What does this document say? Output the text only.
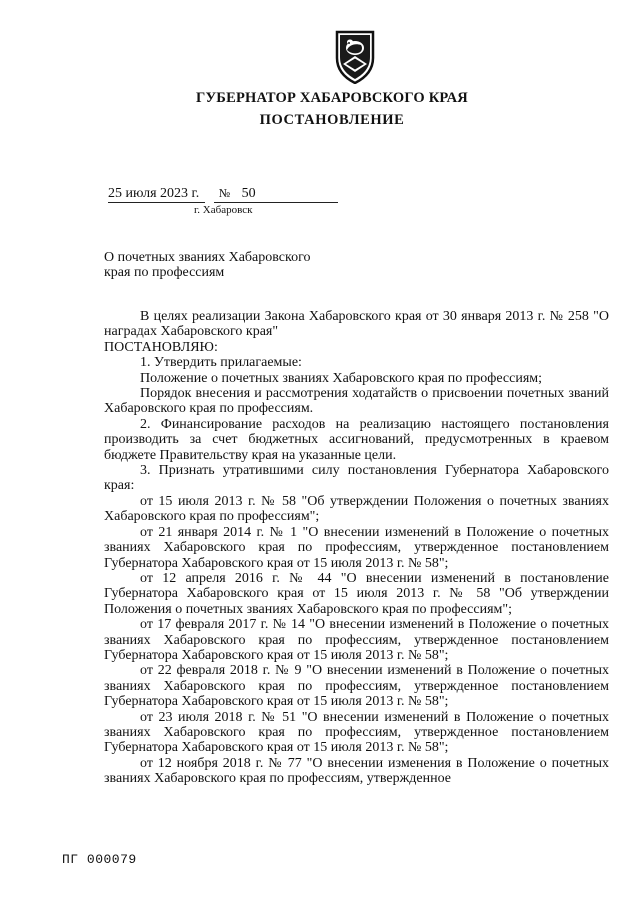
ГУБЕРНАТОР ХАБАРОВСКОГО КРАЯ
ПОСТАНОВЛЕНИЕ
25 июля 2023 г. № 50
г. Хабаровск
О почетных званиях Хабаровского
края по профессиям

В целях реализации Закона Хабаровского края от 30 января 2013 г. № 258 "О наградах Хабаровского края"

ПОСТАНОВЛЯЮ:

1. Утвердить прилагаемые:

Положение о почетных званиях Хабаровского края по профессиям;

Порядок внесения и рассмотрения ходатайств о присвоении почетных званий Хабаровского края по профессиям.

2. Финансирование расходов на реализацию настоящего постановления производить за счет бюджетных ассигнований, предусмотренных в краевом бюджете Правительству края на указанные цели.

3. Признать утратившими силу постановления Губернатора Хабаровского края:

от 15 июля 2013 г. № 58 "Об утверждении Положения о почетных званиях Хабаровского края по профессиям";

от 21 января 2014 г. № 1 "О внесении изменений в Положение о почетных званиях Хабаровского края по профессиям, утвержденное постановлением Губернатора Хабаровского края от 15 июля 2013 г. № 58";

от 12 апреля 2016 г. № 44 "О внесении изменений в постановление Губернатора Хабаровского края от 15 июля 2013 г. № 58 "Об утверждении Положения о почетных званиях Хабаровского края по профессиям";

от 17 февраля 2017 г. № 14 "О внесении изменений в Положение о почетных званиях Хабаровского края по профессиям, утвержденное постановлением Губернатора Хабаровского края от 15 июля 2013 г. № 58";

от 22 февраля 2018 г. № 9 "О внесении изменений в Положение о почетных званиях Хабаровского края по профессиям, утвержденное постановлением Губернатора Хабаровского края от 15 июля 2013 г. № 58";

от 23 июля 2018 г. № 51 "О внесении изменений в Положение о почетных званиях Хабаровского края по профессиям, утвержденное постановлением Губернатора Хабаровского края от 15 июля 2013 г. № 58";

от 12 ноября 2018 г. № 77 "О внесении изменения в Положение о почетных званиях Хабаровского края по профессиям, утвержденное

ПГ 000079
